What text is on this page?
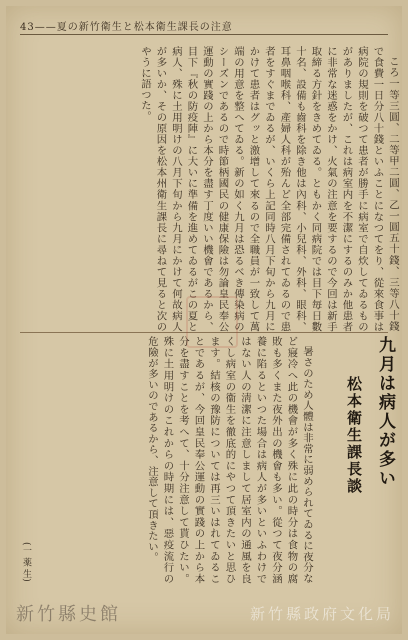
43——夏の新竹衛生と松本衛生課長の注意

ころ一等三圓、二等甲二圓、乙一圓五十錢、三等八十錢で食費一日分八十錢といふことになつてをり、從來食事は病院の規則を破つて患者が勝手に病室で自炊してゐるものがありましたが、これは病室内を不潔にするのみか他患者に非常な迷惑をかけ、火氣の注意を要するので今回は新手取締る方針をきめてゐる。ともかく同病院では目下毎日數十名、設備も齒科を除き他は內科、小兒科、外科、眼科、耳鼻咽喉科、產婦人科が殆んど全部完備されてゐるので患者をすぐまでゐるが、いくら上記同時八月下旬から九月にかけて患者はグッと激增して來るので全職員が一致して萬端の用意を整へてゐる。新の如く九月は恐るべき傳染病のシーズンであるので時節柄國民の健康保險は勿論皇民奉公運動の實踐の上から本分を盡す丁度いい機會であるから、目下『秋の防疫陣』に大いに準備を進めてゐるがこの夏と病人、殊に土用明けの八月下旬から九月にかけて何故病人が多いか、その原因を松本州衛生課長に尋ねて見ると次のやうに語つた。

暑さのため人體は非常に弱められてゐるに夜分など寢冷へ此の機會が多く殊に此の時分は食物の腐敗も多くまた夜外出の機會も多い。從つて夜分涵養に陷るといつた場合は病人が多いといふわけではない人の淸潔に注意しまして居室内の通風を良くし病室の衞生を徹底的にやつて頂きたいと思ひます。結核の豫防については再三いはれてゐることであるが、今回皇民奉公運動の實踐の上から本分を盡すことを考へて、十分注意して貰ひたい。殊に土用明けのこれからの時期には、惡疫流行の危險が多いのであるから、注意して頂きたい。	九月は病人が多い
松本衛生課長談
(一 薬 生)
新竹縣政府文化局
新竹縣史館
